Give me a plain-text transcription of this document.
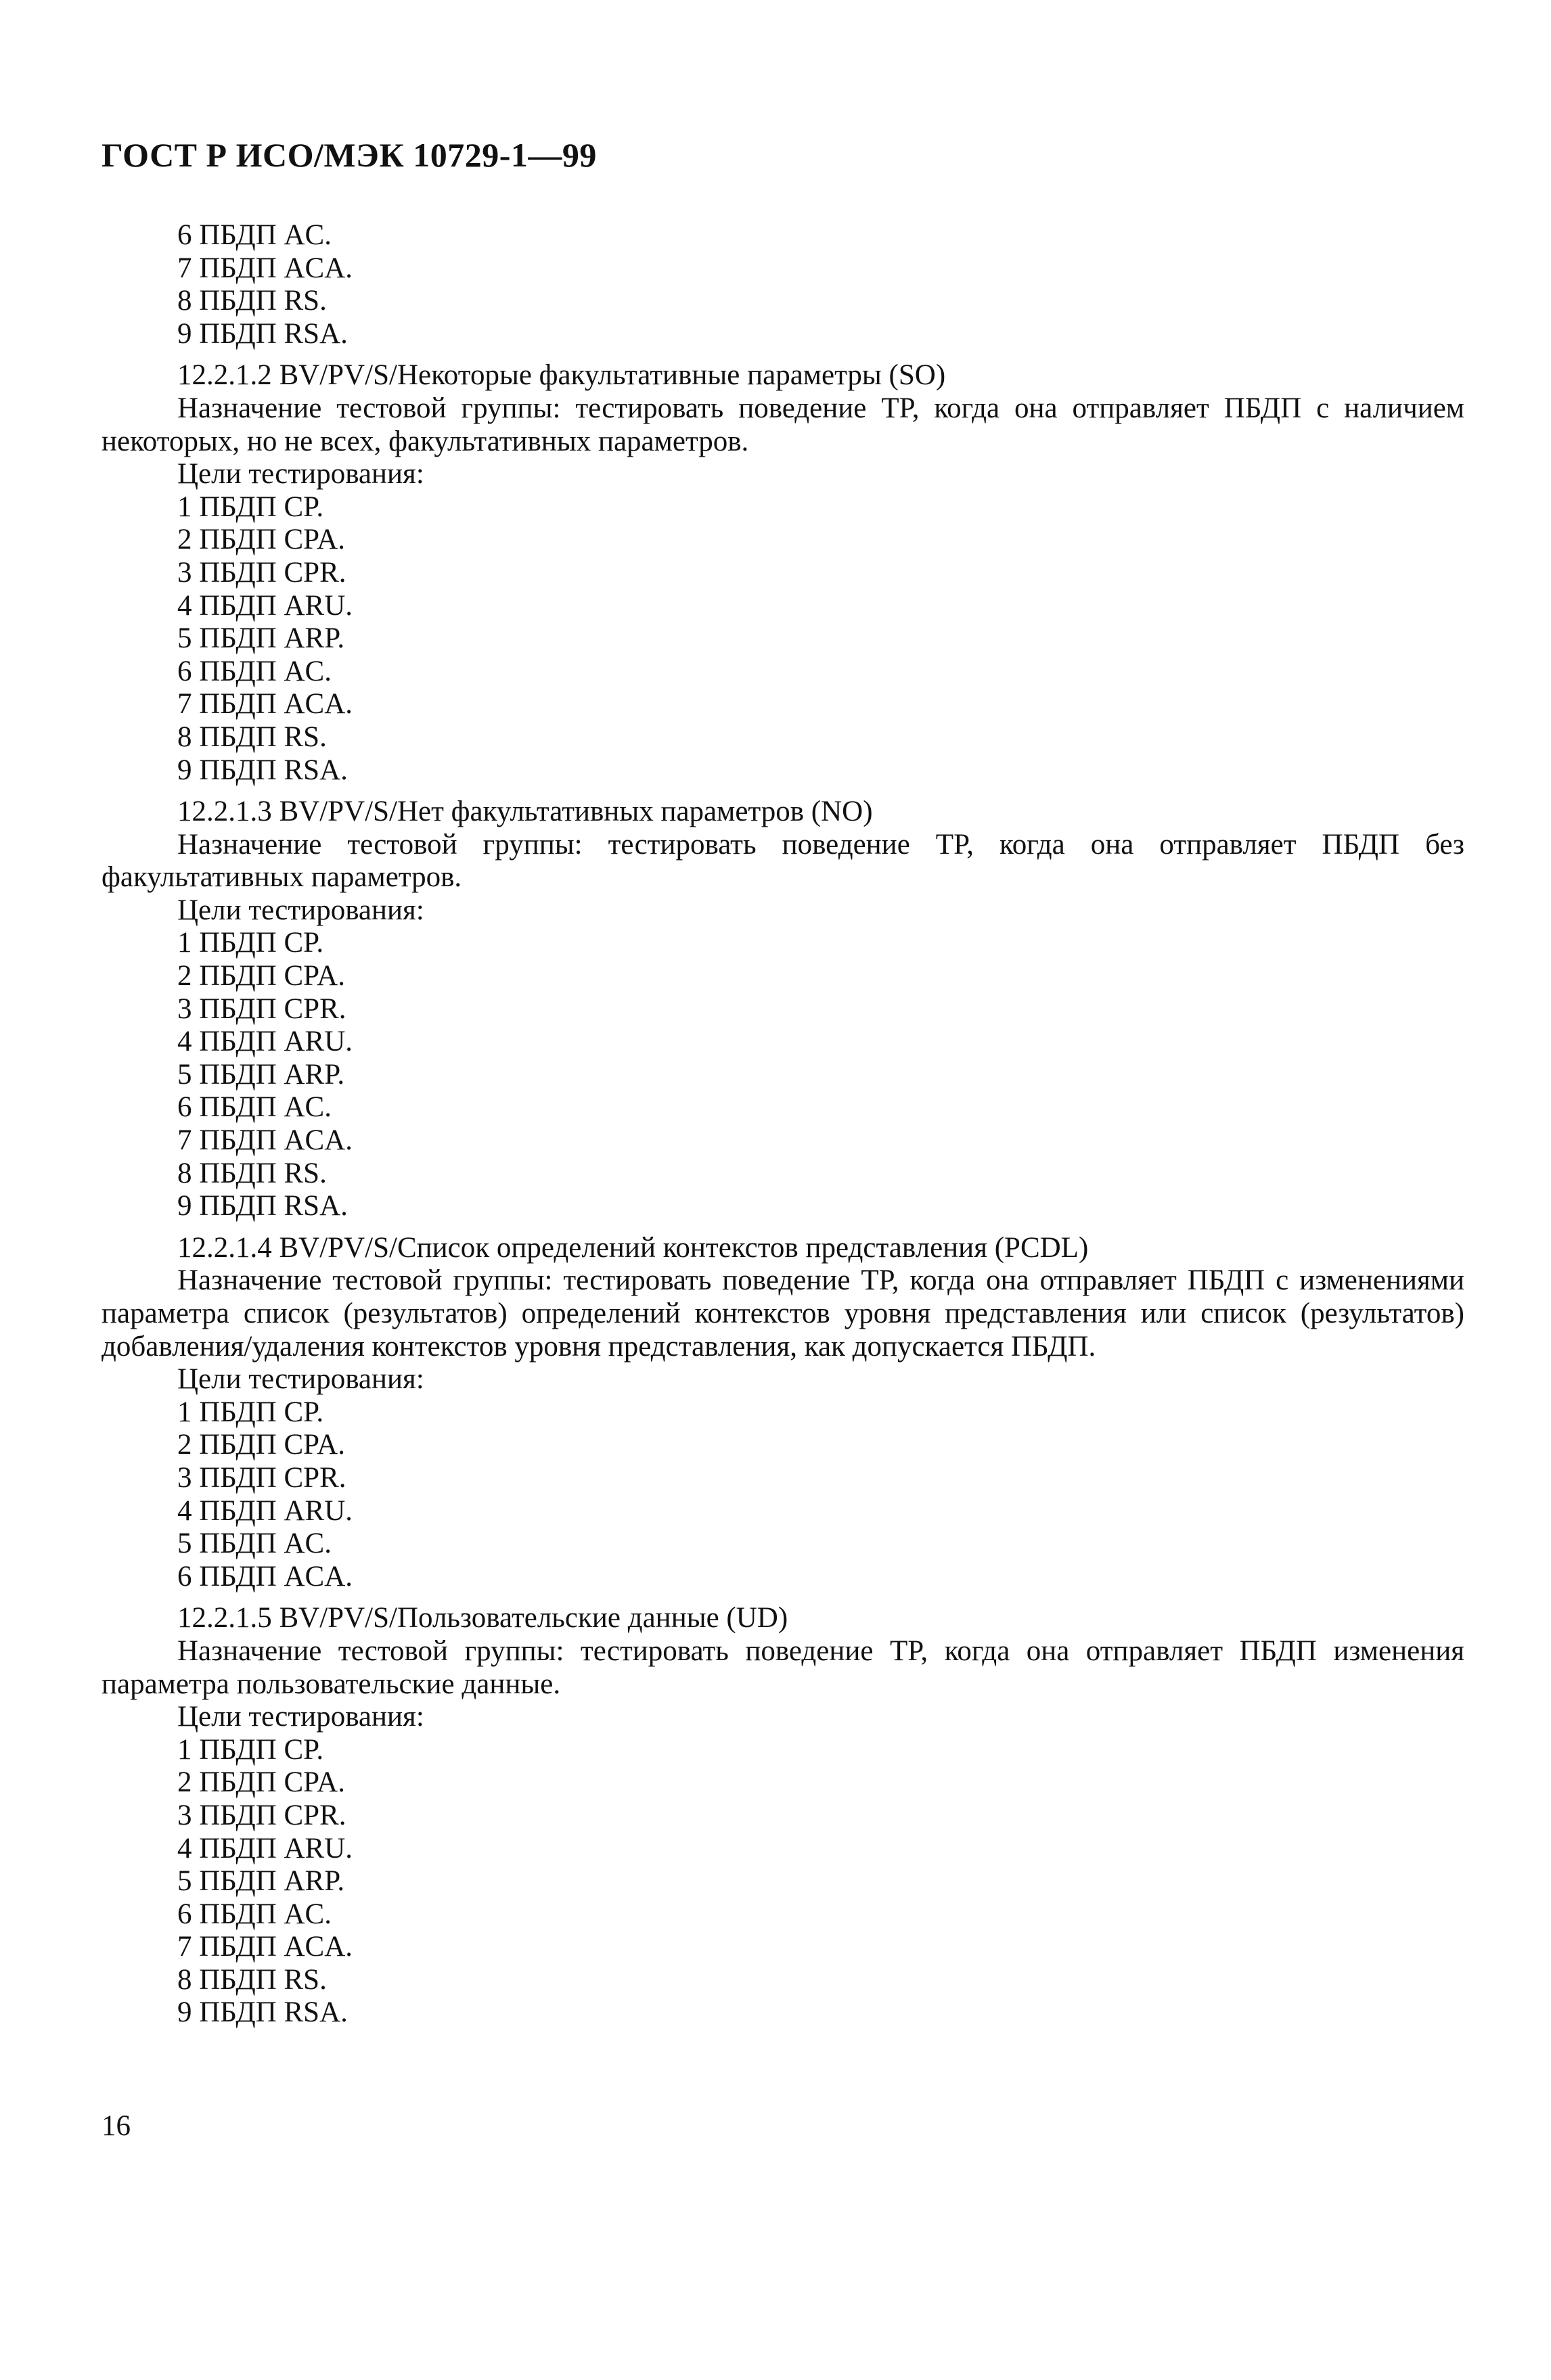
ГОСТ Р ИСО/МЭК 10729-1—99

6 ПБДП AC.

7 ПБДП ACA.

8 ПБДП RS.

9 ПБДП RSA.

12.2.1.2 BV/PV/S/Некоторые факультативные параметры (SO)

Назначение тестовой группы: тестировать поведение TP, когда она отправляет ПБДП с наличием некоторых, но не всех, факультативных параметров.

Цели тестирования:

1 ПБДП CP.

2 ПБДП CPA.

3 ПБДП CPR.

4 ПБДП ARU.

5 ПБДП ARP.

6 ПБДП AC.

7 ПБДП ACA.

8 ПБДП RS.

9 ПБДП RSA.

12.2.1.3 BV/PV/S/Нет факультативных параметров (NO)

Назначение тестовой группы: тестировать поведение TP, когда она отправляет ПБДП без факультативных параметров.

Цели тестирования:

1 ПБДП CP.

2 ПБДП CPA.

3 ПБДП CPR.

4 ПБДП ARU.

5 ПБДП ARP.

6 ПБДП AC.

7 ПБДП ACA.

8 ПБДП RS.

9 ПБДП RSA.

12.2.1.4 BV/PV/S/Список определений контекстов представления (PCDL)

Назначение тестовой группы: тестировать поведение TP, когда она отправляет ПБДП с изменениями параметра список (результатов) определений контекстов уровня представления или список (результатов) добавления/удаления контекстов уровня представления, как допускается ПБДП.

Цели тестирования:

1 ПБДП CP.

2 ПБДП CPA.

3 ПБДП CPR.

4 ПБДП ARU.

5 ПБДП AC.

6 ПБДП ACA.

12.2.1.5 BV/PV/S/Пользовательские данные (UD)

Назначение тестовой группы: тестировать поведение TP, когда она отправляет ПБДП изменения параметра пользовательские данные.

Цели тестирования:

1 ПБДП CP.

2 ПБДП CPA.

3 ПБДП CPR.

4 ПБДП ARU.

5 ПБДП ARP.

6 ПБДП AC.

7 ПБДП ACA.

8 ПБДП RS.

9 ПБДП RSA.

16
